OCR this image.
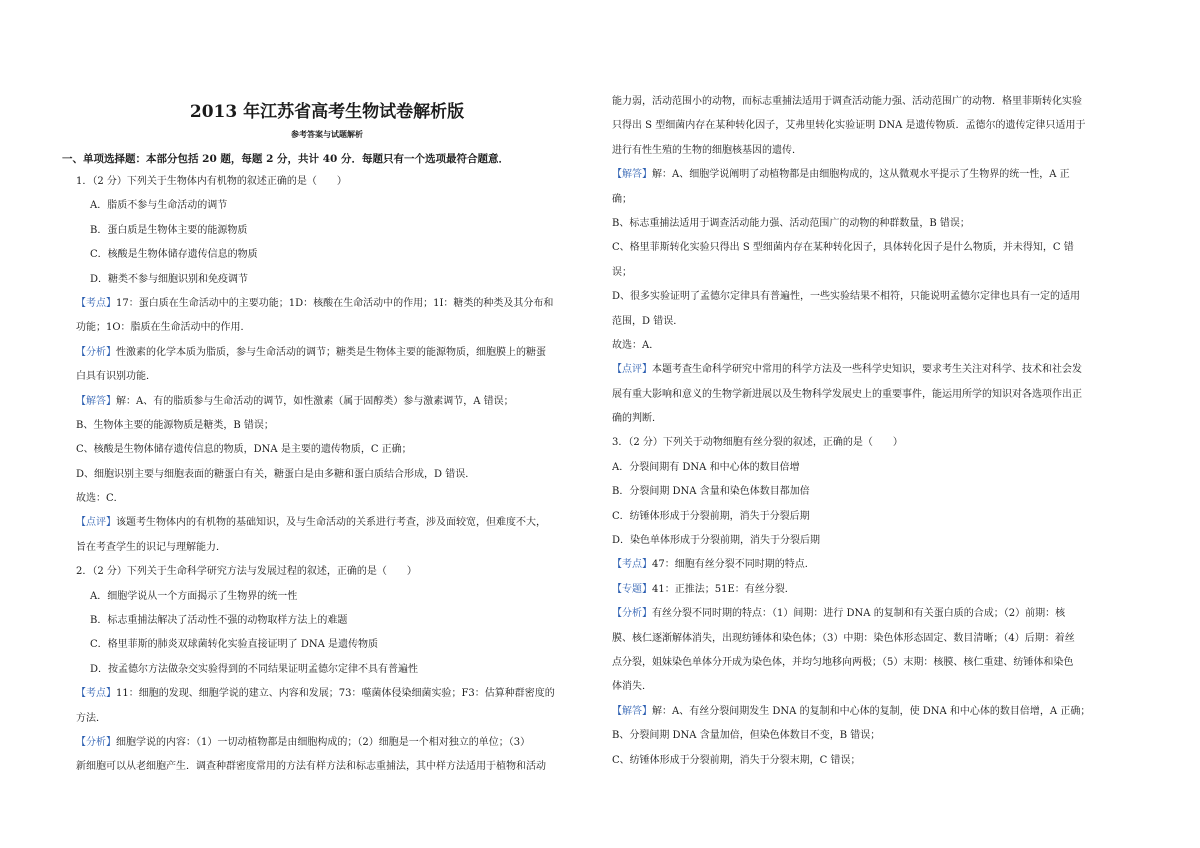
2013 年江苏省高考生物试卷解析版

参考答案与试题解析

一、单项选择题：本部分包括 20 题，每题 2 分，共计 40 分．每题只有一个选项最符合题意．

1．（2 分）下列关于生物体内有机物的叙述正确的是（　　）
A．脂质不参与生命活动的调节
B．蛋白质是生物体主要的能源物质
C．核酸是生物体储存遗传信息的物质
D．糖类不参与细胞识别和免疫调节
【考点】17：蛋白质在生命活动中的主要功能；1D：核酸在生命活动中的作用；1I：糖类的种类及其分布和
功能；1O：脂质在生命活动中的作用．
【分析】性激素的化学本质为脂质，参与生命活动的调节；糖类是生物体主要的能源物质，细胞膜上的糖蛋
白具有识别功能．
【解答】解：A、有的脂质参与生命活动的调节，如性激素（属于固醇类）参与激素调节，A 错误；
B、生物体主要的能源物质是糖类，B 错误；
C、核酸是生物体储存遗传信息的物质，DNA 是主要的遗传物质，C 正确；
D、细胞识别主要与细胞表面的糖蛋白有关，糖蛋白是由多糖和蛋白质结合形成，D 错误．
故选：C．
【点评】该题考生物体内的有机物的基础知识，及与生命活动的关系进行考查，涉及面较宽，但难度不大，
旨在考查学生的识记与理解能力．
2．（2 分）下列关于生命科学研究方法与发展过程的叙述，正确的是（　　）
A．细胞学说从一个方面揭示了生物界的统一性
B．标志重捕法解决了活动性不强的动物取样方法上的难题
C．格里菲斯的肺炎双球菌转化实验直接证明了 DNA 是遗传物质
D．按孟德尔方法做杂交实验得到的不同结果证明孟德尔定律不具有普遍性
【考点】11：细胞的发现、细胞学说的建立、内容和发展；73：噬菌体侵染细菌实验；F3：估算种群密度的
方法．
【分析】细胞学说的内容：（1）一切动植物都是由细胞构成的；（2）细胞是一个相对独立的单位；（3）
新细胞可以从老细胞产生．调查种群密度常用的方法有样方法和标志重捕法，其中样方法适用于植物和活动
能力弱，活动范围小的动物，而标志重捕法适用于调查活动能力强、活动范围广的动物．格里菲斯转化实验
只得出 S 型细菌内存在某种转化因子，艾弗里转化实验证明 DNA 是遗传物质．孟德尔的遗传定律只适用于
进行有性生殖的生物的细胞核基因的遗传．
【解答】解：A、细胞学说阐明了动植物都是由细胞构成的，这从微观水平提示了生物界的统一性，A 正
确；
B、标志重捕法适用于调查活动能力强、活动范围广的动物的种群数量，B 错误；
C、格里菲斯转化实验只得出 S 型细菌内存在某种转化因子，具体转化因子是什么物质，并未得知，C 错
误；
D、很多实验证明了孟德尔定律具有普遍性，一些实验结果不相符，只能说明孟德尔定律也具有一定的适用
范围，D 错误．
故选：A．
【点评】本题考查生命科学研究中常用的科学方法及一些科学史知识，要求考生关注对科学、技术和社会发
展有重大影响和意义的生物学新进展以及生物科学发展史上的重要事件，能运用所学的知识对各选项作出正
确的判断．
3．（2 分）下列关于动物细胞有丝分裂的叙述，正确的是（　　）
A．分裂间期有 DNA 和中心体的数目倍增
B．分裂间期 DNA 含量和染色体数目都加倍
C．纺锤体形成于分裂前期，消失于分裂后期
D．染色单体形成于分裂前期，消失于分裂后期
【考点】47：细胞有丝分裂不同时期的特点．
【专题】41：正推法；51E：有丝分裂．
【分析】有丝分裂不同时期的特点：（1）间期：进行 DNA 的复制和有关蛋白质的合成；（2）前期：核
膜、核仁逐渐解体消失，出现纺锤体和染色体；（3）中期：染色体形态固定、数目清晰；（4）后期：着丝
点分裂，姐妹染色单体分开成为染色体，并均匀地移向两极；（5）末期：核膜、核仁重建、纺锤体和染色
体消失．
【解答】解：A、有丝分裂间期发生 DNA 的复制和中心体的复制，使 DNA 和中心体的数目倍增，A 正确；
B、分裂间期 DNA 含量加倍，但染色体数目不变，B 错误；
C、纺锤体形成于分裂前期，消失于分裂末期，C 错误；
